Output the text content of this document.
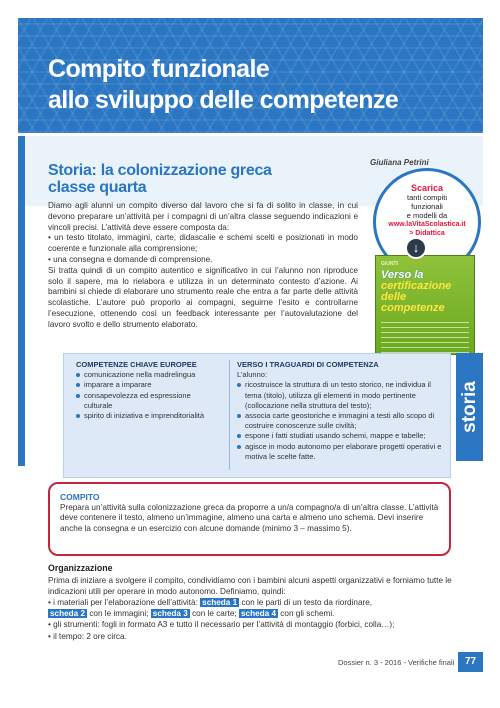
Compito funzionale
allo sviluppo delle competenze
Giuliana Petrini
Storia: la colonizzazione greca
classe quarta

Diamo agli alunni un compito diverso dal lavoro che si fa di solito in classe, in cui devono preparare un’attività per i compagni di un’altra classe seguendo indicazioni e vincoli precisi. L’attività deve essere composta da:

• un testo titolato, immagini, carte, didascalie e schemi scelti e posizionati in modo coerente e funzionale alla comprensione;

• una consegna e domande di comprensione.

Si tratta quindi di un compito autentico e significativo in cui l’alunno non riproduce solo il sapere, ma lo rielabora e utilizza in un determinato contesto d’azione. Ai bambini si chiede di elaborare uno strumento reale che entra a far parte delle attività scolastiche. L’autore può proporlo ai compagni, seguirne l’esito e controllarne l’esecuzione, ottenendo così un feedback interessante per l’autovalutazione del lavoro svolto e dello strumento elaborato.

Scarica
tanti compiti
funzionali
e modelli da
www.laVitaScolastica.it
> Didattica
GIUNTI
Verso la
certificazione delle competenze
↓
storia
COMPETENZE CHIAVE EUROPEE
comunicazione nella madrelingua
imparare a imparare
consapevolezza ed espressione culturale
spirito di iniziativa e imprenditorialità
VERSO I TRAGUARDI DI COMPETENZA
L’alunno:
ricostruisce la struttura di un testo storico, ne individua il tema (titolo), utilizza gli elementi in modo pertinente (collocazione nella struttura del testo);
associa carte geostoriche e immagini a testi allo scopo di costruire conoscenze sulle civiltà;
espone i fatti studiati usando schemi, mappe e tabelle;
agisce in modo autonomo per elaborare progetti operativi e motiva le scelte fatte.
COMPITO
Prepara un’attività sulla colonizzazione greca da proporre a un/a compagno/a di un’altra classe. L’attività deve contenere il testo, almeno un’immagine, almeno una carta e almeno uno schema. Devi inserire anche la consegna e un esercizio con alcune domande (minimo 3 – massimo 5).
Organizzazione
Prima di iniziare a svolgere il compito, condividiamo con i bambini alcuni aspetti organizzativi e forniamo tutte le indicazioni utili per operare in modo autonomo. Definiamo, quindi:
• i materiali per l’elaborazione dell’attività: scheda 1 con le parti di un testo da riordinare,
scheda 2 con le immagini; scheda 3 con le carte; scheda 4 con gli schemi.
• gli strumenti: fogli in formato A3 e tutto il necessario per l’attività di montaggio (forbici, colla…);
• il tempo: 2 ore circa.
Dossier n. 3 - 2016 - Verifiche finali	77
